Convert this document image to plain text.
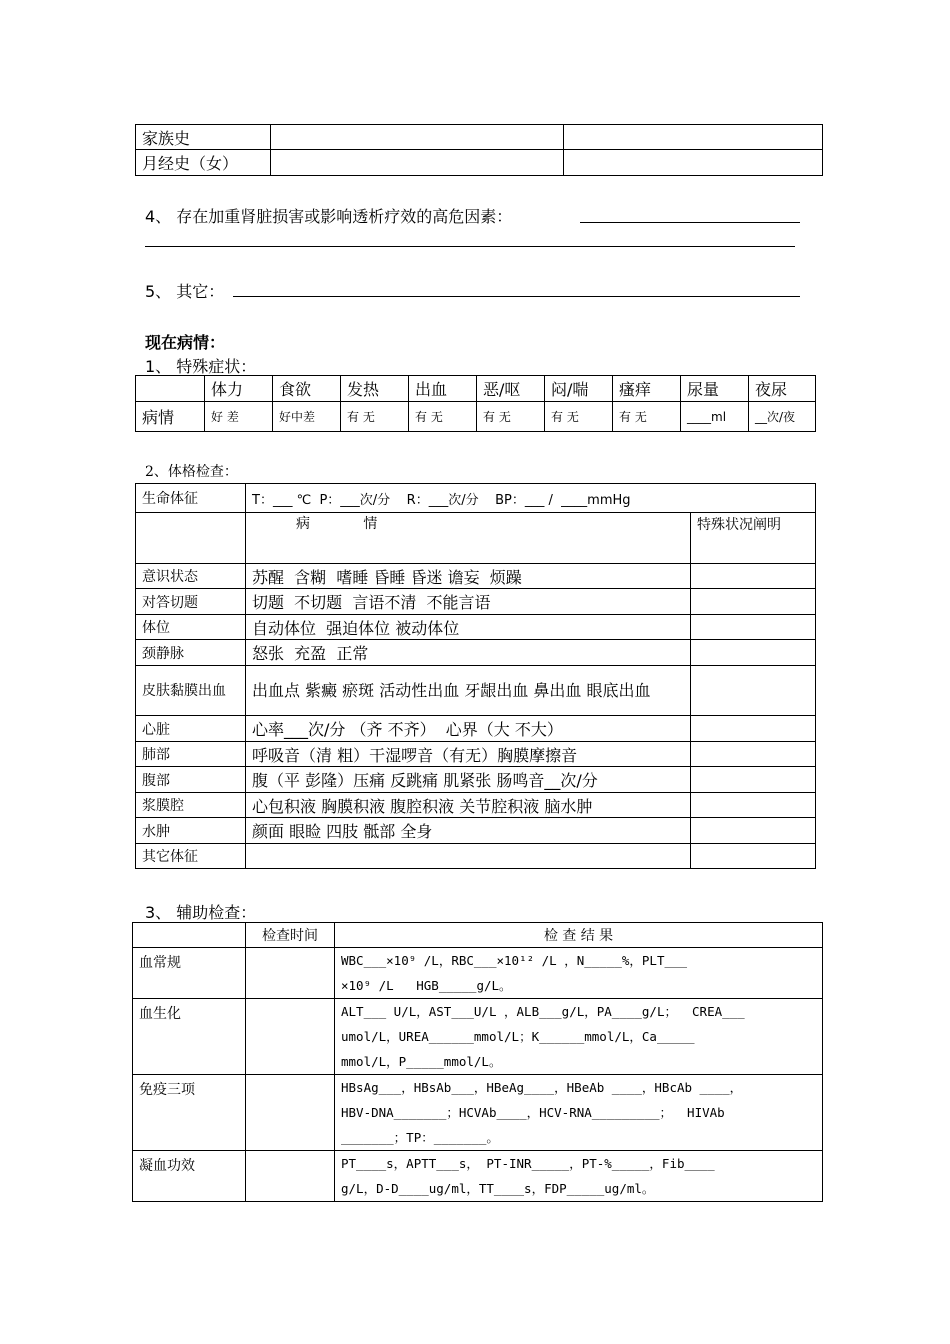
家族史		
月经史（女）		
4、 存在加重肾脏损害或影响透析疗效的高危因素：
5、 其它：
现在病情：
1、 特殊症状：
	体力	食欲	发热	出血	恶/呕	闷/喘	瘙痒	尿量	夜尿
病情	好 差	好中差	有 无	有 无	有 无	有 无	有 无	____ml	__次/夜
2、体格检查：
生命体征	T：___ ℃  P：___次/分    R：___次/分    BP：___ /  ____mmHg	
	病            情	特殊状况阐明
意识状态	苏醒  含糊  嗜睡 昏睡 昏迷 谵妄  烦躁	
对答切题	切题  不切题  言语不清  不能言语	
体位	自动体位  强迫体位 被动体位	
颈静脉	怒张  充盈  正常	
皮肤黏膜出血	出血点 紫癜 瘀斑 活动性出血 牙龈出血 鼻出血 眼底出血	
心脏	心率___次/分 （齐 不齐）  心界（大 不大）	
肺部	呼吸音（清 粗）干湿啰音（有无）胸膜摩擦音	
腹部	腹（平 彭隆）压痛 反跳痛 肌紧张 肠鸣音__次/分	
浆膜腔	心包积液 胸膜积液 腹腔积液 关节腔积液 脑水肿	
水肿	颜面 眼睑 四肢 骶部 全身	
其它体征		
3、 辅助检查：
	检查时间	检 查 结 果
血常规		WBC___×10⁹ /L，RBC___×10¹² /L ，N_____%，PLT___
×10⁹ /L   HGB_____g/L。

血生化		ALT___ U/L，AST___U/L ，ALB___g/L，PA____g/L；  CREA___
umol/L，UREA______mmol/L；K______mmol/L，Ca_____
mmol/L，P_____mmol/L。

免疫三项		HBsAg___，HBsAb___，HBeAg____，HBeAb ____，HBcAb ____，
HBV-DNA_______；HCVAb____，HCV-RNA_________；  HIVAb
_______；TP：_______。

凝血功效		PT____s，APTT___s， PT-INR_____，PT-%_____，Fib____
g/L，D-D____ug/ml，TT____s，FDP_____ug/ml。
